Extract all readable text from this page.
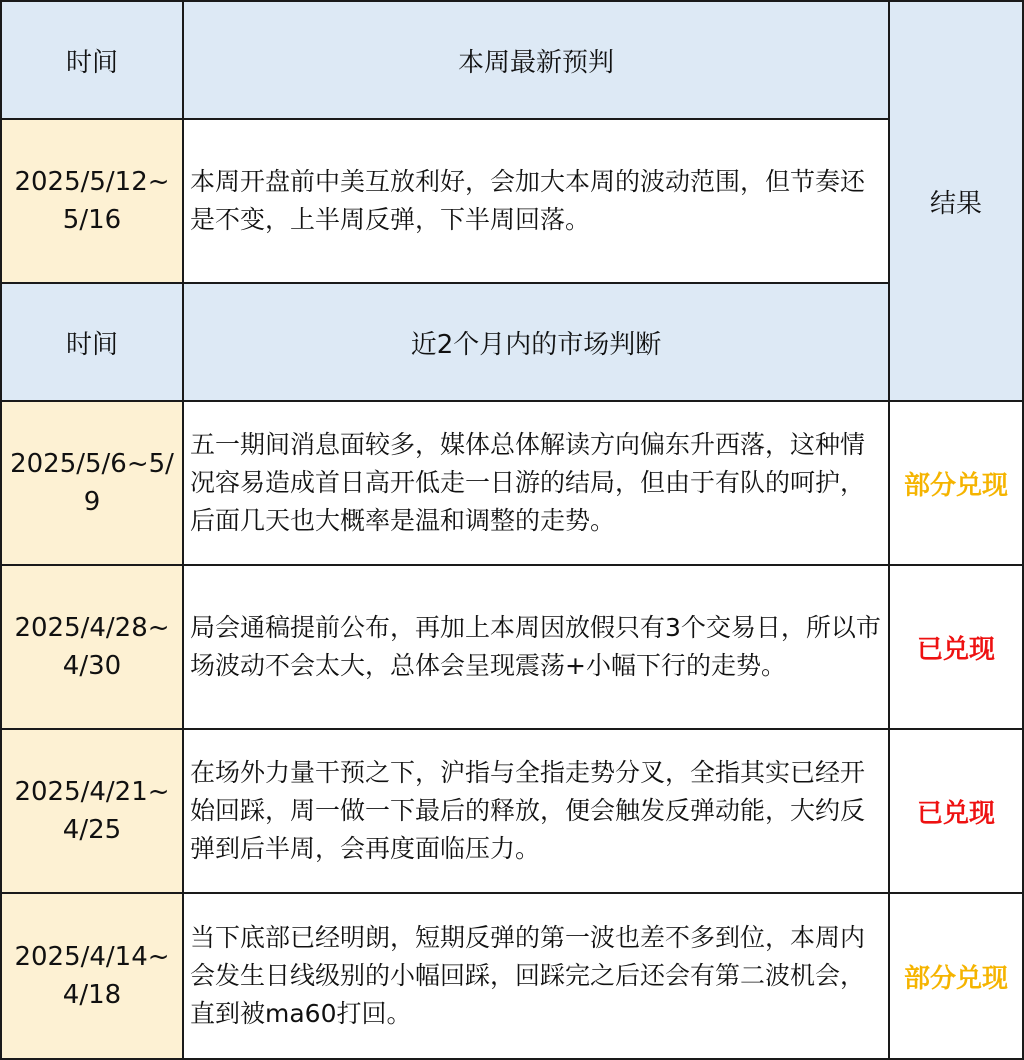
时间	本周最新预判
结果
2025/5/12~
5/16
本周开盘前中美互放利好，会加大本周的波动范围，但节奏还是不变，上半周反弹，下半周回落。
时间	近2个月内的市场判断
2025/5/6~5/
9
五一期间消息面较多，媒体总体解读方向偏东升西落，这种情况容易造成首日高开低走一日游的结局，但由于有队的呵护，后面几天也大概率是温和调整的走势。
部分兑现
2025/4/28~
4/30
局会通稿提前公布，再加上本周因放假只有3个交易日，所以市场波动不会太大，总体会呈现震荡+小幅下行的走势。
已兑现
2025/4/21~
4/25
在场外力量干预之下，沪指与全指走势分叉，全指其实已经开始回踩，周一做一下最后的释放，便会触发反弹动能，大约反弹到后半周，会再度面临压力。
已兑现
2025/4/14~
4/18
当下底部已经明朗，短期反弹的第一波也差不多到位，本周内会发生日线级别的小幅回踩，回踩完之后还会有第二波机会，直到被ma60打回。
部分兑现
